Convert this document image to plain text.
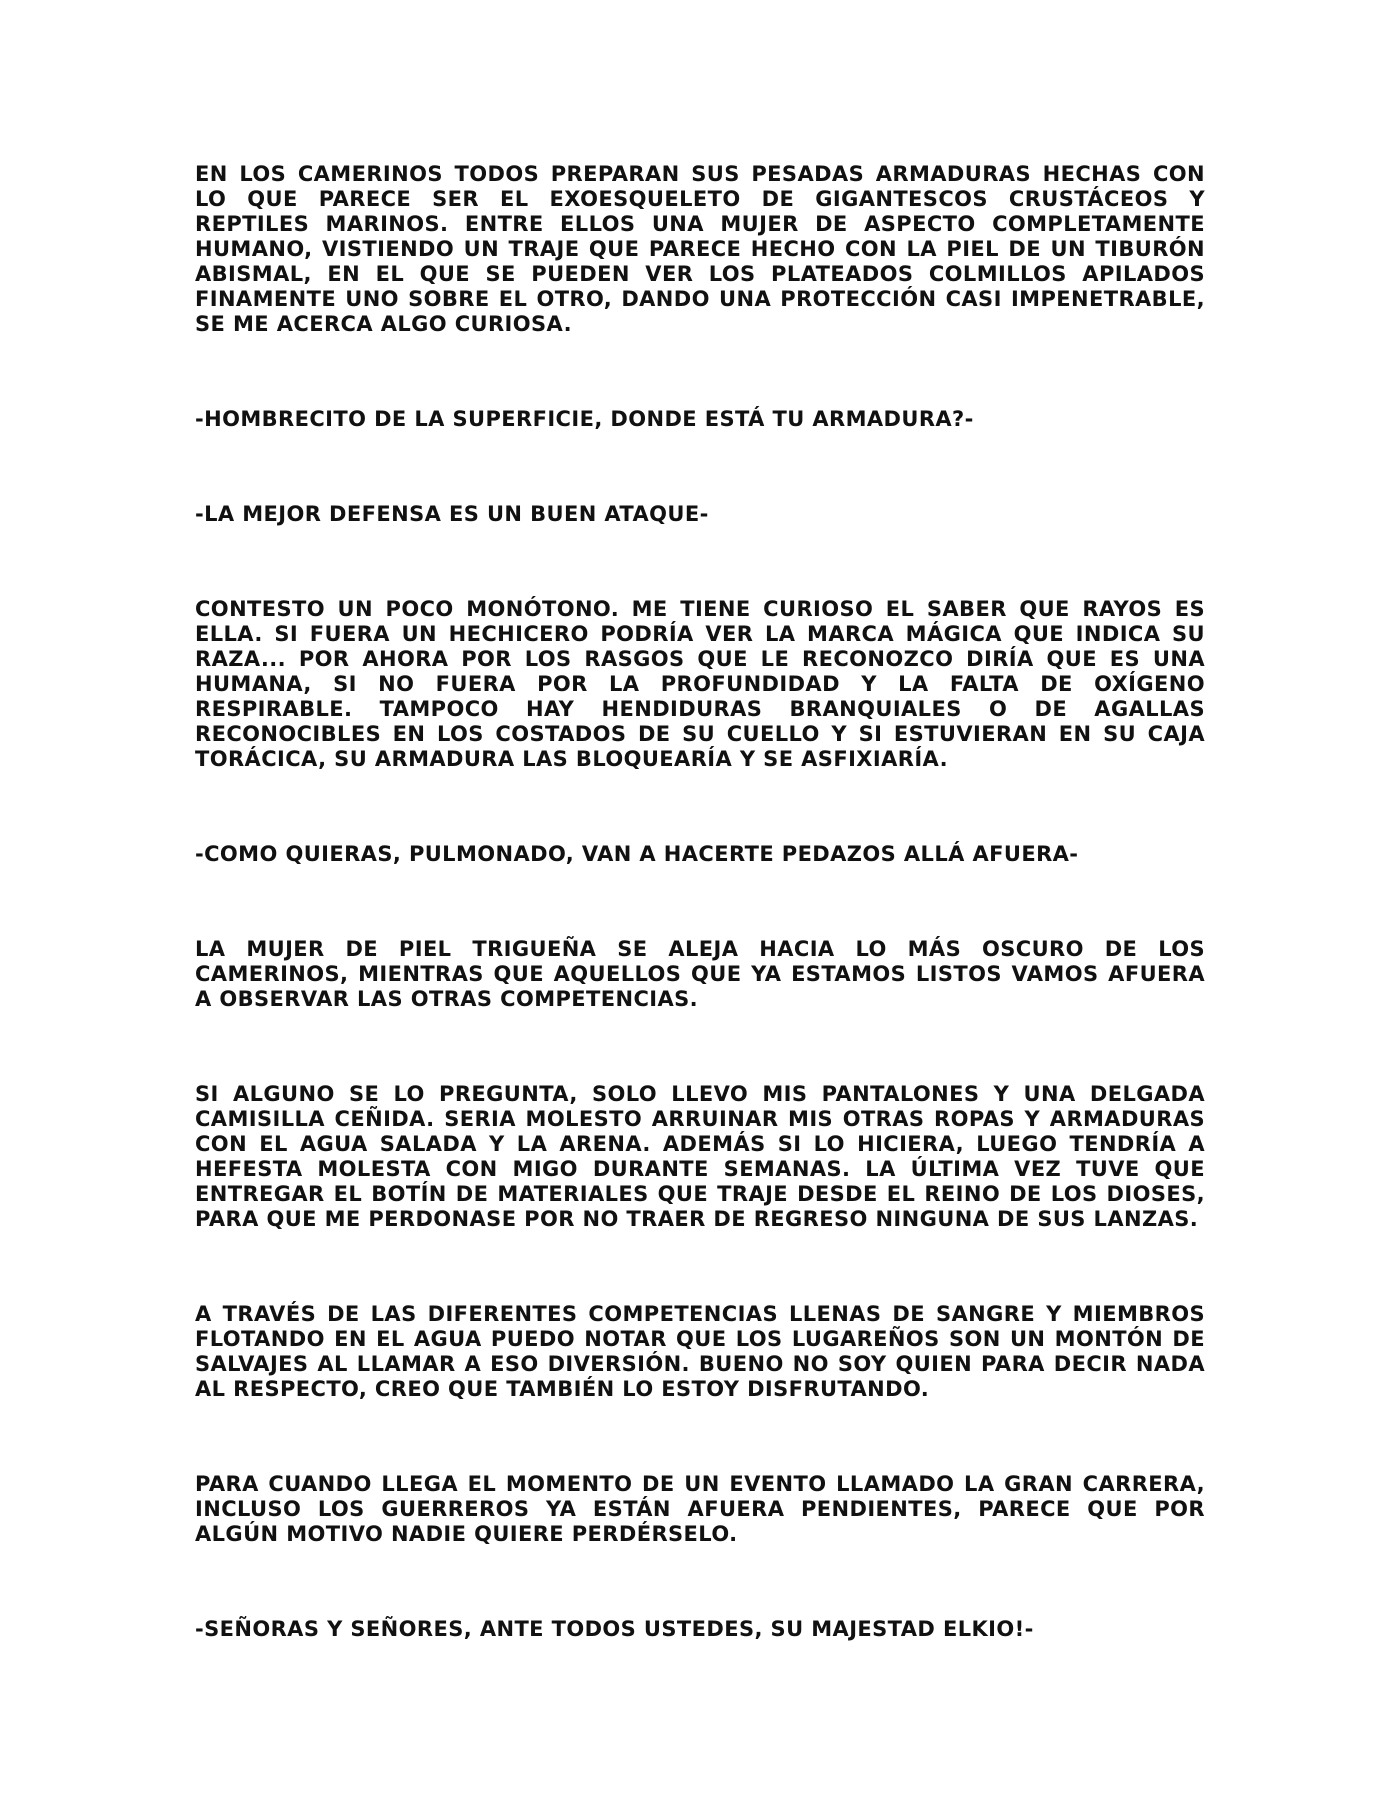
EN LOS CAMERINOS TODOS PREPARAN SUS PESADAS ARMADURAS HECHAS CON LO QUE PARECE SER EL EXOESQUELETO DE GIGANTESCOS CRUSTÁCEOS Y REPTILES MARINOS. ENTRE ELLOS UNA MUJER DE ASPECTO COMPLETAMENTE HUMANO, VISTIENDO UN TRAJE QUE PARECE HECHO CON LA PIEL DE UN TIBURÓN ABISMAL, EN EL QUE SE PUEDEN VER LOS PLATEADOS COLMILLOS APILADOS FINAMENTE UNO SOBRE EL OTRO, DANDO UNA PROTECCIÓN CASI IMPENETRABLE, SE ME ACERCA ALGO CURIOSA.

-HOMBRECITO DE LA SUPERFICIE, DONDE ESTÁ TU ARMADURA?-

-LA MEJOR DEFENSA ES UN BUEN ATAQUE-

CONTESTO UN POCO MONÓTONO. ME TIENE CURIOSO EL SABER QUE RAYOS ES ELLA. SI FUERA UN HECHICERO PODRÍA VER LA MARCA MÁGICA QUE INDICA SU RAZA... POR AHORA POR LOS RASGOS QUE LE RECONOZCO DIRÍA QUE ES UNA HUMANA, SI NO FUERA POR LA PROFUNDIDAD Y LA FALTA DE OXÍGENO RESPIRABLE. TAMPOCO HAY HENDIDURAS BRANQUIALES O DE AGALLAS RECONOCIBLES EN LOS COSTADOS DE SU CUELLO Y SI ESTUVIERAN EN SU CAJA TORÁCICA, SU ARMADURA LAS BLOQUEARÍA Y SE ASFIXIARÍA.

-COMO QUIERAS, PULMONADO, VAN A HACERTE PEDAZOS ALLÁ AFUERA-

LA MUJER DE PIEL TRIGUEÑA SE ALEJA HACIA LO MÁS OSCURO DE LOS CAMERINOS, MIENTRAS QUE AQUELLOS QUE YA ESTAMOS LISTOS VAMOS AFUERA A OBSERVAR LAS OTRAS COMPETENCIAS.

SI ALGUNO SE LO PREGUNTA, SOLO LLEVO MIS PANTALONES Y UNA DELGADA CAMISILLA CEÑIDA. SERIA MOLESTO ARRUINAR MIS OTRAS ROPAS Y ARMADURAS CON EL AGUA SALADA Y LA ARENA. ADEMÁS SI LO HICIERA, LUEGO TENDRÍA A HEFESTA MOLESTA CON MIGO DURANTE SEMANAS. LA ÚLTIMA VEZ TUVE QUE ENTREGAR EL BOTÍN DE MATERIALES QUE TRAJE DESDE EL REINO DE LOS DIOSES, PARA QUE ME PERDONASE POR NO TRAER DE REGRESO NINGUNA DE SUS LANZAS.

A TRAVÉS DE LAS DIFERENTES COMPETENCIAS LLENAS DE SANGRE Y MIEMBROS FLOTANDO EN EL AGUA PUEDO NOTAR QUE LOS LUGAREÑOS SON UN MONTÓN DE SALVAJES AL LLAMAR A ESO DIVERSIÓN. BUENO NO SOY QUIEN PARA DECIR NADA AL RESPECTO, CREO QUE TAMBIÉN LO ESTOY DISFRUTANDO.

PARA CUANDO LLEGA EL MOMENTO DE UN EVENTO LLAMADO LA GRAN CARRERA, INCLUSO LOS GUERREROS YA ESTÁN AFUERA PENDIENTES, PARECE QUE POR ALGÚN MOTIVO NADIE QUIERE PERDÉRSELO.

-SEÑORAS Y SEÑORES, ANTE TODOS USTEDES, SU MAJESTAD ELKIO!-
